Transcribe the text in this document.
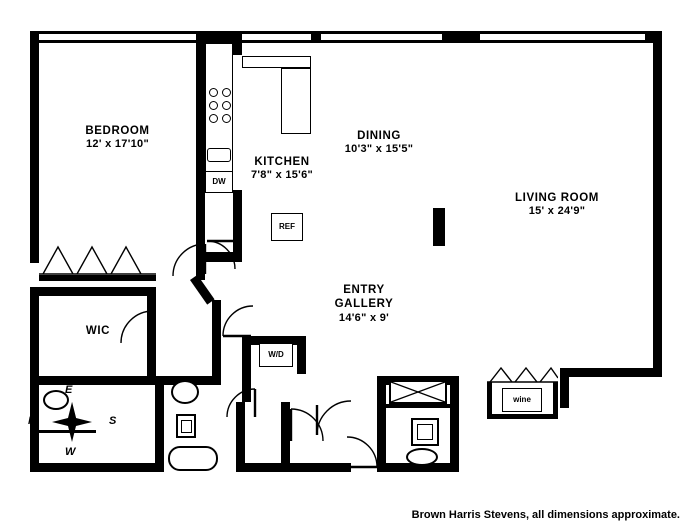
DW
REF
W/D
wine
BEDROOM
12' x 17'10"
KITCHEN
7'8" x 15'6"
DINING
10'3" x 15'5"
LIVING ROOM
15' x 24'9"
ENTRY
GALLERY
14'6" x 9'
WIC
N
E
S
W
Brown Harris Stevens, all dimensions approximate.
